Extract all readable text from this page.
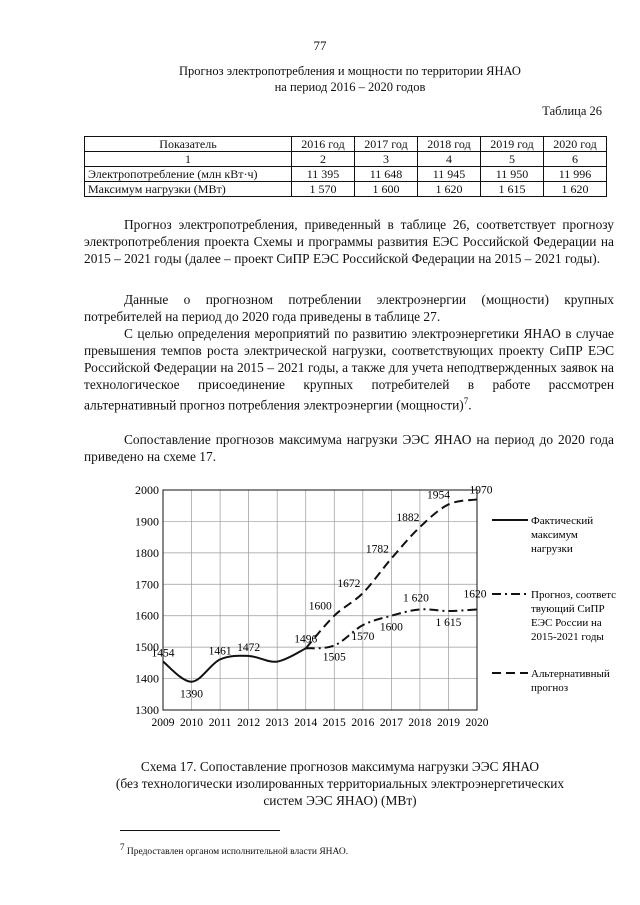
77
Прогноз электропотребления и мощности по территории ЯНАО
на период 2016 – 2020 годов
Таблица 26
Показатель	2016 год	2017 год	2018 год	2019 год	2020 год
1	2	3	4	5	6
Электропотребление (млн кВт·ч)	11 395	11 648	11 945	11 950	11 996
Максимум нагрузки (МВт)	1 570	1 600	1 620	1 615	1 620
Прогноз электропотребления, приведенный в таблице 26, соответствует прогнозу электропотребления проекта Схемы и программы развития ЕЭС Российской Федерации на 2015 – 2021 годы (далее – проект СиПР ЕЭС Российской Федерации на 2015 – 2021 годы).
Данные о прогнозном потреблении электроэнергии (мощности) крупных потребителей на период до 2020 года приведены в таблице 27.
С целью определения мероприятий по развитию электроэнергетики ЯНАО в случае превышения темпов роста электрической нагрузки, соответствующих проекту СиПР ЕЭС Российской Федерации на 2015 – 2021 годы, а также для учета неподтвержденных заявок на технологическое присоединение крупных потребителей в работе рассмотрен альтернативный прогноз потребления электроэнергии (мощности)$^7$.
Сопоставление прогнозов максимума нагрузки ЭЭС ЯНАО на период до 2020 года приведено на схеме 17.
1300
1400
1500
1600
1700
1800
1900
2000
2009 2010 2011 2012 2013 2014 2015 2016 2017 2018 2019 2020
1454
1390
1461 1472
1496
1505
1600
1672
1570
1782
1600
1882
1 620
1954
1 615
1970
1620
Фактический
максимум
нагрузки
Прогноз, соответс
твующий СиПР
ЕЭС России на
2015-2021 годы
Альтернативный
прогноз
Схема 17. Сопоставление прогнозов максимума нагрузки ЭЭС ЯНАО
(без технологически изолированных территориальных электроэнергетических
систем ЭЭС ЯНАО) (МВт)
$^7$ Предоставлен органом исполнительной власти ЯНАО.
